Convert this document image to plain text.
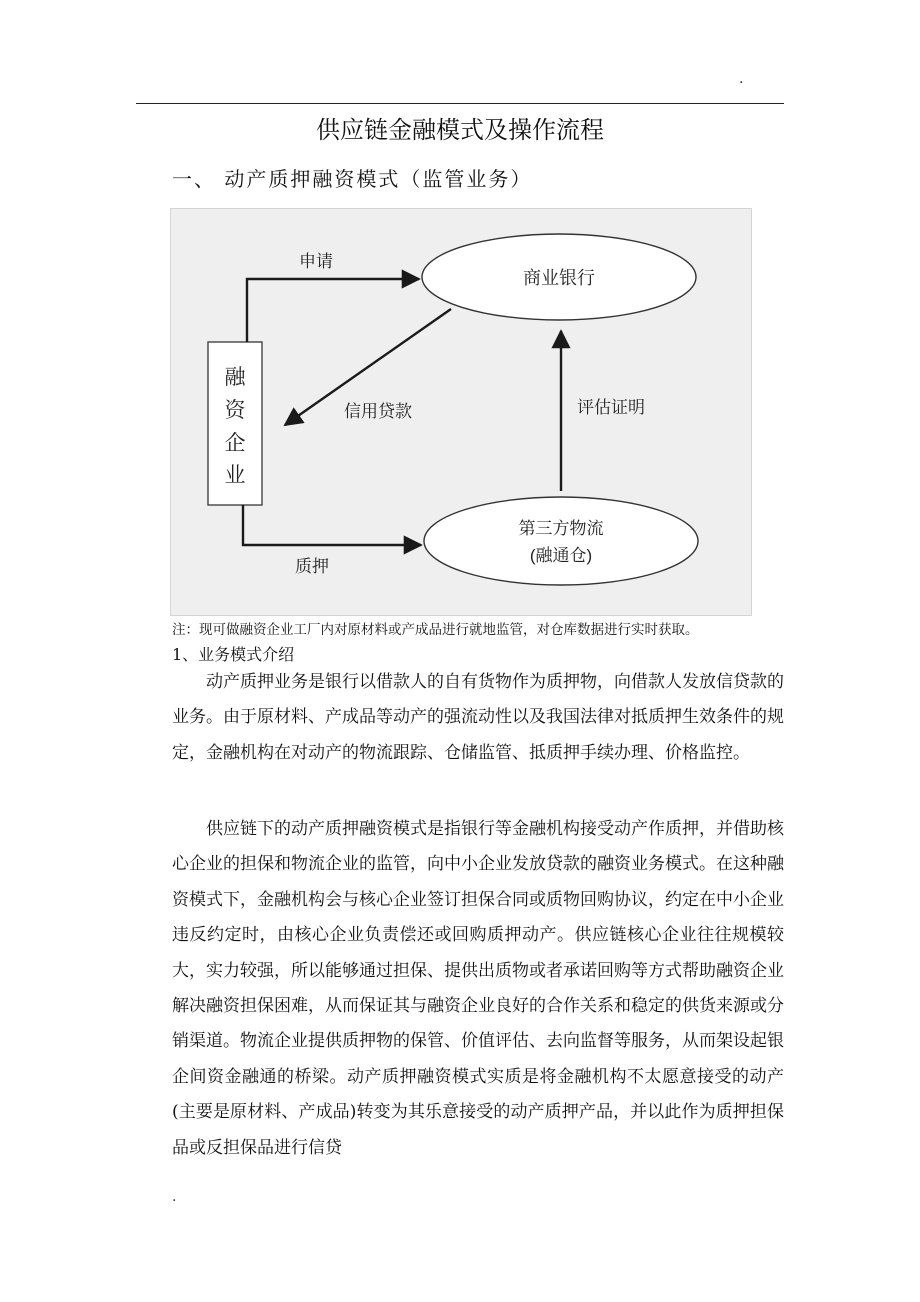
.
供应链金融模式及操作流程
一、 动产质押融资模式（监管业务）
商业银行
第三方物流
(融通仓)
融
资
企
业
申请
信用贷款	评估证明
质押
注：现可做融资企业工厂内对原材料或产成品进行就地监管，对仓库数据进行实时获取。
1、业务模式介绍

动产质押业务是银行以借款人的自有货物作为质押物，向借款人发放信贷款的业务。由于原材料、产成品等动产的强流动性以及我国法律对抵质押生效条件的规定，金融机构在对动产的物流跟踪、仓储监管、抵质押手续办理、价格监控。

供应链下的动产质押融资模式是指银行等金融机构接受动产作质押，并借助核心企业的担保和物流企业的监管，向中小企业发放贷款的融资业务模式。在这种融资模式下，金融机构会与核心企业签订担保合同或质物回购协议，约定在中小企业违反约定时，由核心企业负责偿还或回购质押动产。供应链核心企业往往规模较大，实力较强，所以能够通过担保、提供出质物或者承诺回购等方式帮助融资企业解决融资担保困难，从而保证其与融资企业良好的合作关系和稳定的供货来源或分销渠道。物流企业提供质押物的保管、价值评估、去向监督等服务，从而架设起银企间资金融通的桥梁。动产质押融资模式实质是将金融机构不太愿意接受的动产(主要是原材料、产成品)转变为其乐意接受的动产质押产品，并以此作为质押担保品或反担保品进行信贷

.
